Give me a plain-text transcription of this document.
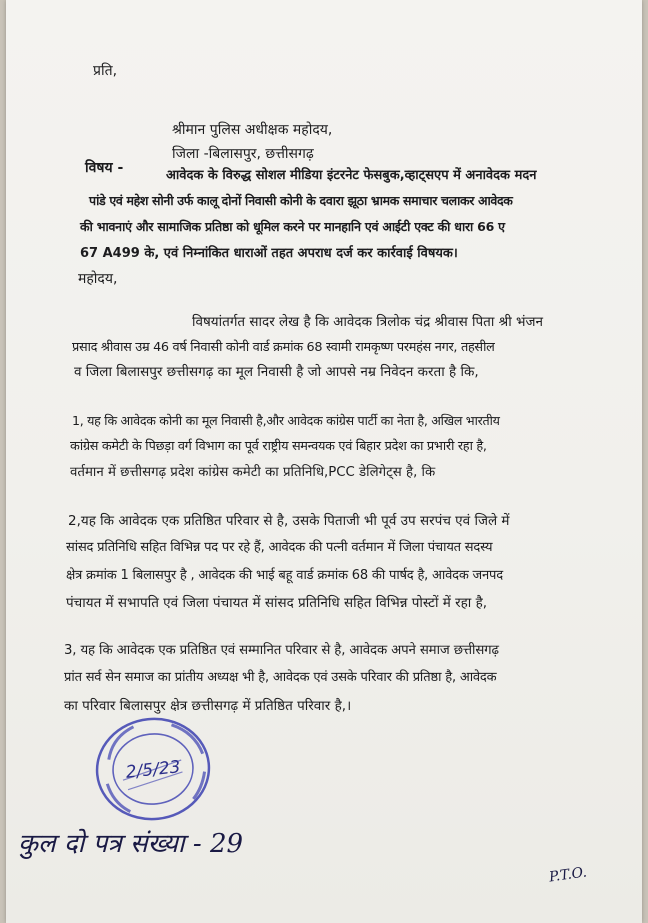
प्रति,
श्रीमान पुलिस अधीक्षक महोदय,
जिला -बिलासपुर, छत्तीसगढ़
विषय -	आवेदक के विरुद्ध सोशल मीडिया इंटरनेट फेसबुक,व्हाट्सएप में अनावेदक मदन
पांडे एवं महेश सोनी उर्फ कालू दोनों निवासी कोनी के दवारा झूठा भ्रामक समाचार चलाकर आवेदक
की भावनाएं और सामाजिक प्रतिष्ठा को धूमिल करने पर मानहानि एवं आईटी एक्ट की धारा 66 ए
67 A499 के, एवं निम्नांकित धाराओं तहत अपराध दर्ज कर कार्रवाई विषयक।
महोदय,
विषयांतर्गत सादर लेख है कि आवेदक त्रिलोक चंद्र श्रीवास पिता श्री भंजन
प्रसाद श्रीवास उम्र 46 वर्ष निवासी कोनी वार्ड क्रमांक 68 स्वामी रामकृष्ण परमहंस नगर, तहसील
व जिला बिलासपुर छत्तीसगढ़ का मूल निवासी है जो आपसे नम्र निवेदन करता है कि,
1, यह कि आवेदक कोनी का मूल निवासी है,और आवेदक कांग्रेस पार्टी का नेता है, अखिल भारतीय
कांग्रेस कमेटी के पिछड़ा वर्ग विभाग का पूर्व राष्ट्रीय समन्वयक एवं बिहार प्रदेश का प्रभारी रहा है,
वर्तमान में छत्तीसगढ़ प्रदेश कांग्रेस कमेटी का प्रतिनिधि,PCC डेलिगेट्स है, कि
2,यह कि आवेदक एक प्रतिष्ठित परिवार से है, उसके पिताजी भी पूर्व उप सरपंच एवं जिले में
सांसद प्रतिनिधि सहित विभिन्न पद पर रहे हैं, आवेदक की पत्नी वर्तमान में जिला पंचायत सदस्य
क्षेत्र क्रमांक 1 बिलासपुर है , आवेदक की भाई बहू वार्ड क्रमांक 68 की पार्षद है, आवेदक जनपद
पंचायत में सभापति एवं जिला पंचायत में सांसद प्रतिनिधि सहित विभिन्न पोस्टों में रहा है,
3, यह कि आवेदक एक प्रतिष्ठित एवं सम्मानित परिवार से है, आवेदक अपने समाज छत्तीसगढ़
प्रांत सर्व सेन समाज का प्रांतीय अध्यक्ष भी है, आवेदक एवं उसके परिवार की प्रतिष्ठा है, आवेदक
का परिवार बिलासपुर क्षेत्र छत्तीसगढ़ में प्रतिष्ठित परिवार है,।
2/5/23
कुल दो पत्र संख्या - 29
P.T.O.
